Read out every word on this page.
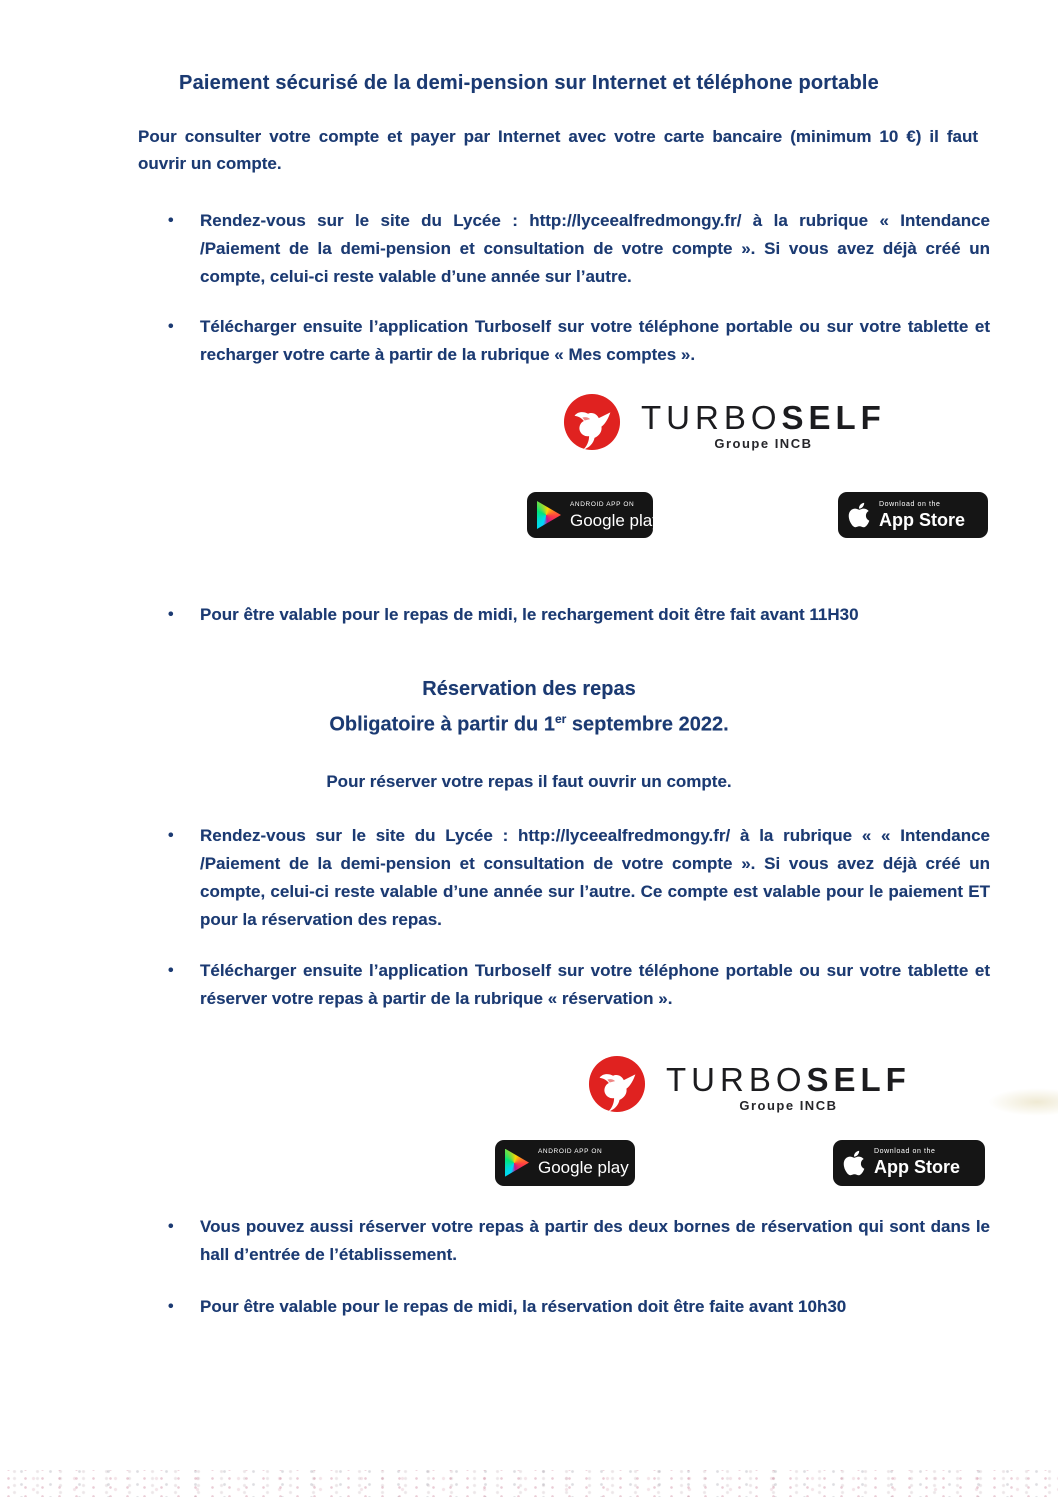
Paiement sécurisé de la demi-pension sur Internet et téléphone portable

Pour consulter votre compte et payer par Internet avec votre carte bancaire (minimum 10 €) il faut ouvrir un compte.

• Rendez-vous sur le site du Lycée : http://lyceealfredmongy.fr/ à la rubrique « Intendance /Paiement de la demi-pension et consultation de votre compte ». Si vous avez déjà créé un compte, celui-ci reste valable d’une année sur l’autre.
• Télécharger ensuite l’application Turboself sur votre téléphone portable ou sur votre tablette et recharger votre carte à partir de la rubrique « Mes comptes ».
TURBOSELF
Groupe INCB
ANDROID APP ON
Google play
Download on the
App Store
• Pour être valable pour le repas de midi, le rechargement doit être fait avant 11H30
Réservation des repas

Obligatoire à partir du 1er septembre 2022.

Pour réserver votre repas il faut ouvrir un compte.

• Rendez-vous sur le site du Lycée : http://lyceealfredmongy.fr/ à la rubrique « « Intendance /Paiement de la demi-pension et consultation de votre compte ». Si vous avez déjà créé un compte, celui-ci reste valable d’une année sur l’autre. Ce compte est valable pour le paiement ET pour la réservation des repas.
• Télécharger ensuite l’application Turboself sur votre téléphone portable ou sur votre tablette et réserver votre repas à partir de la rubrique « réservation ».
TURBOSELF
Groupe INCB
ANDROID APP ON
Google play
Download on the
App Store
• Vous pouvez aussi réserver votre repas à partir des deux bornes de réservation qui sont dans le hall d’entrée de l’établissement.
• Pour être valable pour le repas de midi, la réservation doit être faite avant 10h30
